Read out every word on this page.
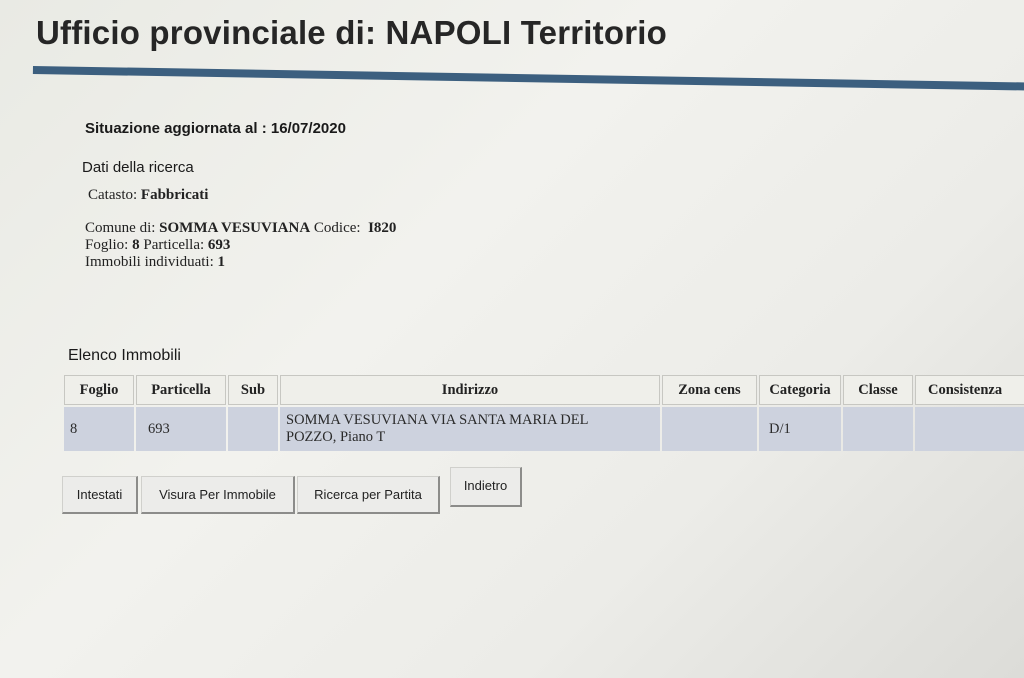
Ufficio provinciale di: NAPOLI Territorio
Situazione aggiornata al : 16/07/2020
Dati della ricerca
Catasto: Fabbricati
Comune di: SOMMA VESUVIANA Codice:  I820
Foglio: 8 Particella: 693
Immobili individuati: 1
Elenco Immobili
Foglio	Particella	Sub	Indirizzo	Zona cens	Categoria	Classe	Consistenza
8	693		SOMMA VESUVIANA VIA SANTA MARIA DEL
POZZO, Piano T		D/1		
Intestati	Visura Per Immobile	Ricerca per Partita
Indietro
